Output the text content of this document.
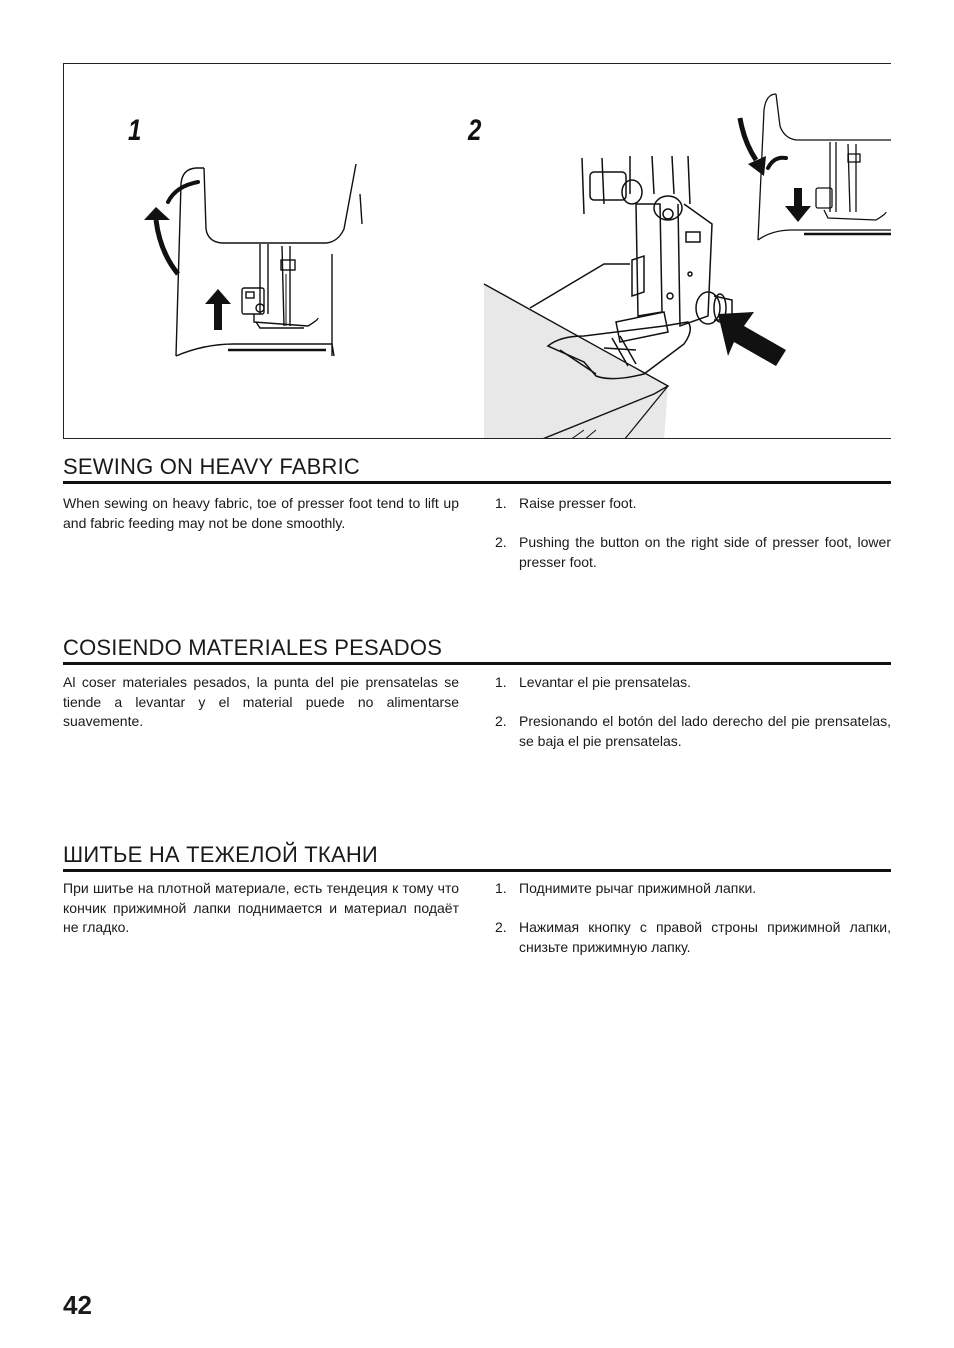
1	2
SEWING ON HEAVY FABRIC
When sewing on heavy fabric, toe of presser foot tend to lift up and fabric feeding may not be done smoothly.
1. Raise presser foot.
2. Pushing the button on the right side of presser foot, lower presser foot.
COSIENDO MATERIALES PESADOS
Al coser materiales pesados, la punta del pie prensatelas se tiende a levantar y el material puede no alimentarse suavemente.
1. Levantar el pie prensatelas.
2. Presionando el botón del lado derecho del pie prensatelas, se baja el pie prensatelas.
ШИТЬЕ НА ТЕЖЕЛОЙ ТКАНИ
При шитье на плотной материале, есть тендеция к тому что кончик прижимной лапки поднимается и материал подаёт не гладко.
1. Поднимите рычаг прижимной лапки.
2. Нажимая кнопку с правой строны прижимной лапки, снизьте прижимную лапку.
42
